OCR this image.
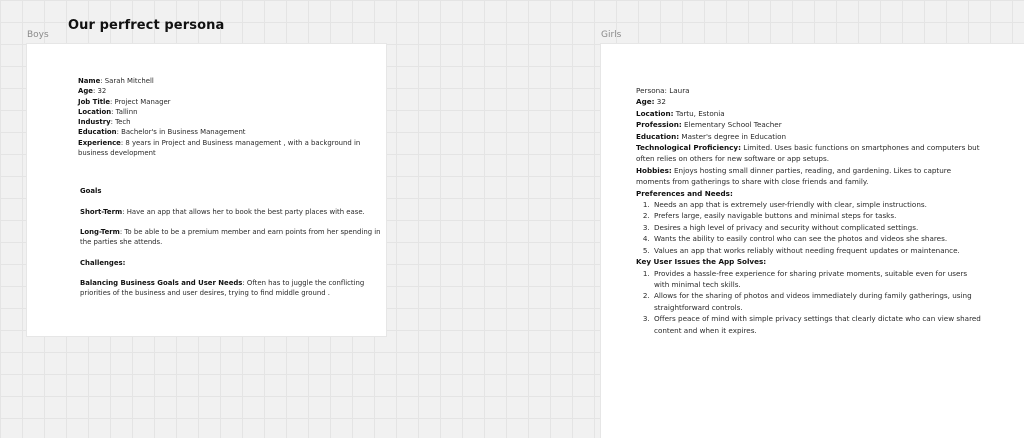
Our perfrect persona
Boys	Girls

Name: Sarah Mitchell

Age: 32

Job Title: Project Manager

Location: Tallinn

Industry: Tech

Education: Bachelor's in Business Management

Experience: 8 years in Project and Business management , with a background in business development

Goals

Short-Term: Have an app that allows her to book the best party places with ease.

Long-Term: To be able to be a premium member and earn points from her spending in the parties she attends.

Challenges:

Balancing Business Goals and User Needs: Often has to juggle the conflicting priorities of the business and user desires, trying to find middle ground .

Persona: Laura

Age: 32

Location: Tartu, Estonia

Profession: Elementary School Teacher

Education: Master's degree in Education

Technological Proficiency: Limited. Uses basic functions on smartphones and computers but often relies on others for new software or app setups.

Hobbies: Enjoys hosting small dinner parties, reading, and gardening. Likes to capture moments from gatherings to share with close friends and family.

Preferences and Needs:

1. Needs an app that is extremely user-friendly with clear, simple instructions.
2. Prefers large, easily navigable buttons and minimal steps for tasks.
3. Desires a high level of privacy and security without complicated settings.
4. Wants the ability to easily control who can see the photos and videos she shares.
5. Values an app that works reliably without needing frequent updates or maintenance.

Key User Issues the App Solves:

1. Provides a hassle-free experience for sharing private moments, suitable even for users with minimal tech skills.
2. Allows for the sharing of photos and videos immediately during family gatherings, using straightforward controls.
3. Offers peace of mind with simple privacy settings that clearly dictate who can view shared content and when it expires.
